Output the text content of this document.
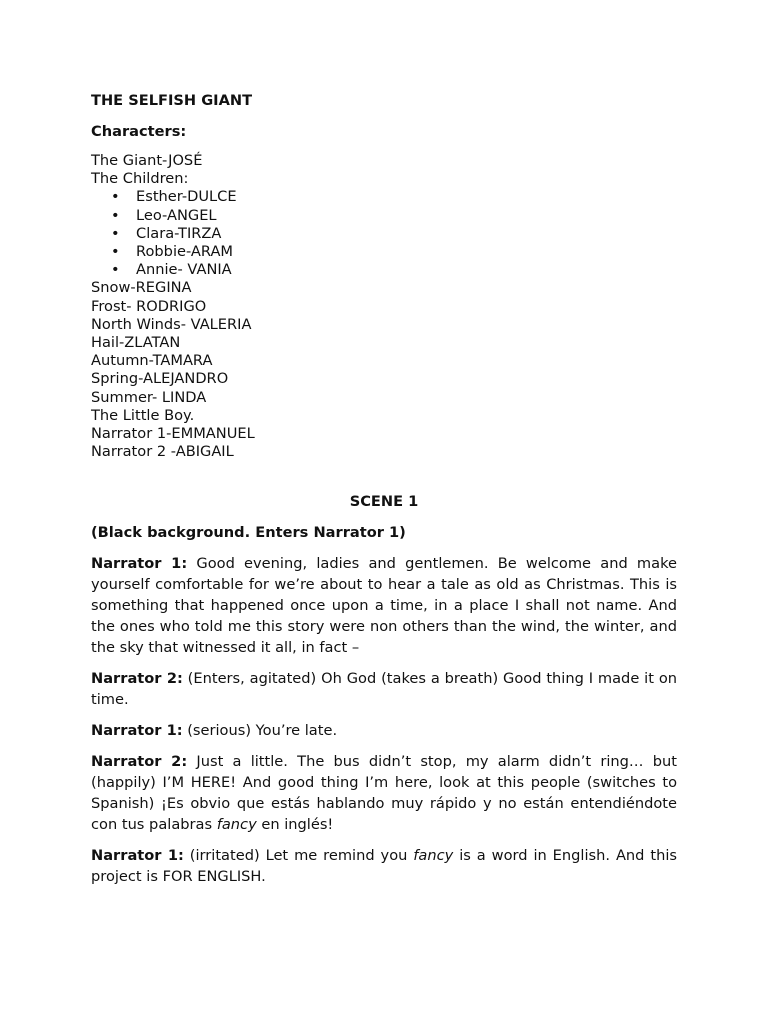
THE SELFISH GIANT
Characters:
The Giant-JOSÉ
The Children:
• Esther-DULCE
• Leo-ANGEL
• Clara-TIRZA
• Robbie-ARAM
• Annie- VANIA
Snow-REGINA
Frost- RODRIGO
North Winds- VALERIA
Hail-ZLATAN
Autumn-TAMARA
Spring-ALEJANDRO
Summer- LINDA
The Little Boy.
Narrator 1-EMMANUEL
Narrator 2 -ABIGAIL
SCENE 1
(Black background. Enters Narrator 1)

Narrator 1: Good evening, ladies and gentlemen. Be welcome and make yourself comfortable for we’re about to hear a tale as old as Christmas. This is something that happened once upon a time, in a place I shall not name. And the ones who told me this story were non others than the wind, the winter, and the sky that witnessed it all, in fact –

Narrator 2: (Enters, agitated) Oh God (takes a breath) Good thing I made it on time.

Narrator 1: (serious) You’re late.

Narrator 2: Just a little. The bus didn’t stop, my alarm didn’t ring… but (happily) I’M HERE! And good thing I’m here, look at this people (switches to Spanish) ¡Es obvio que estás hablando muy rápido y no están entendiéndote con tus palabras fancy en inglés!

Narrator 1: (irritated) Let me remind you fancy is a word in English. And this project is FOR ENGLISH.
